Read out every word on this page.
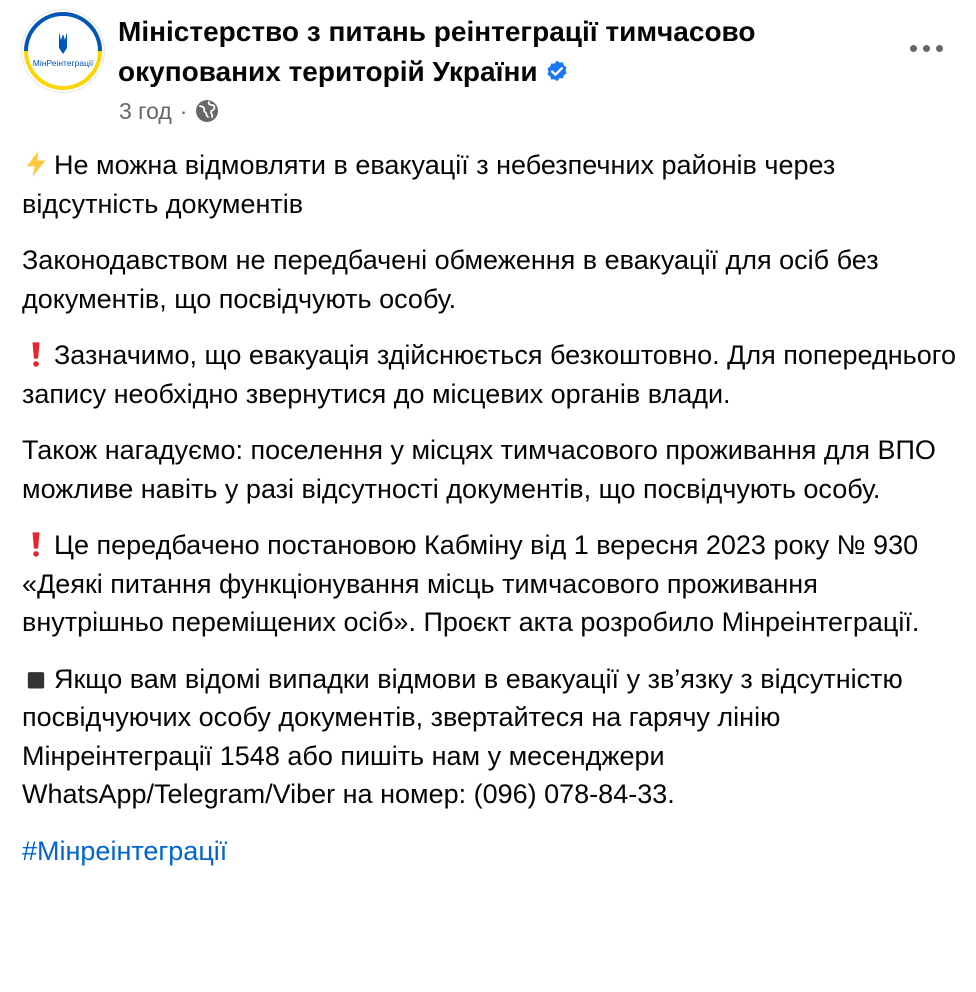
МінРеінтеграції
Міністерство з питань реінтеграції тимчасово окупованих територій України
3 год ·

Не можна відмовляти в евакуації з небезпечних районів через відсутність документів

Законодавством не передбачені обмеження в евакуації для осіб без документів, що посвідчують особу.

Зазначимо, що евакуація здійснюється безкоштовно. Для попереднього запису необхідно звернутися до місцевих органів влади.

Також нагадуємо: поселення у місцях тимчасового проживання для ВПО можливе навіть у разі відсутності документів, що посвідчують особу.

Це передбачено постановою Кабміну від 1 вересня 2023 року № 930 «Деякі питання функціонування місць тимчасового проживання внутрішньо переміщених осіб». Проєкт акта розробило Мінреінтеграції.

Якщо вам відомі випадки відмови в евакуації у зв’язку з відсутністю посвідчуючих особу документів, звертайтеся на гарячу лінію Мінреінтеграції 1548 або пишіть нам у месенджери WhatsApp/Telegram/Viber на номер: (096) 078-84-33.

#Мінреінтеграції
